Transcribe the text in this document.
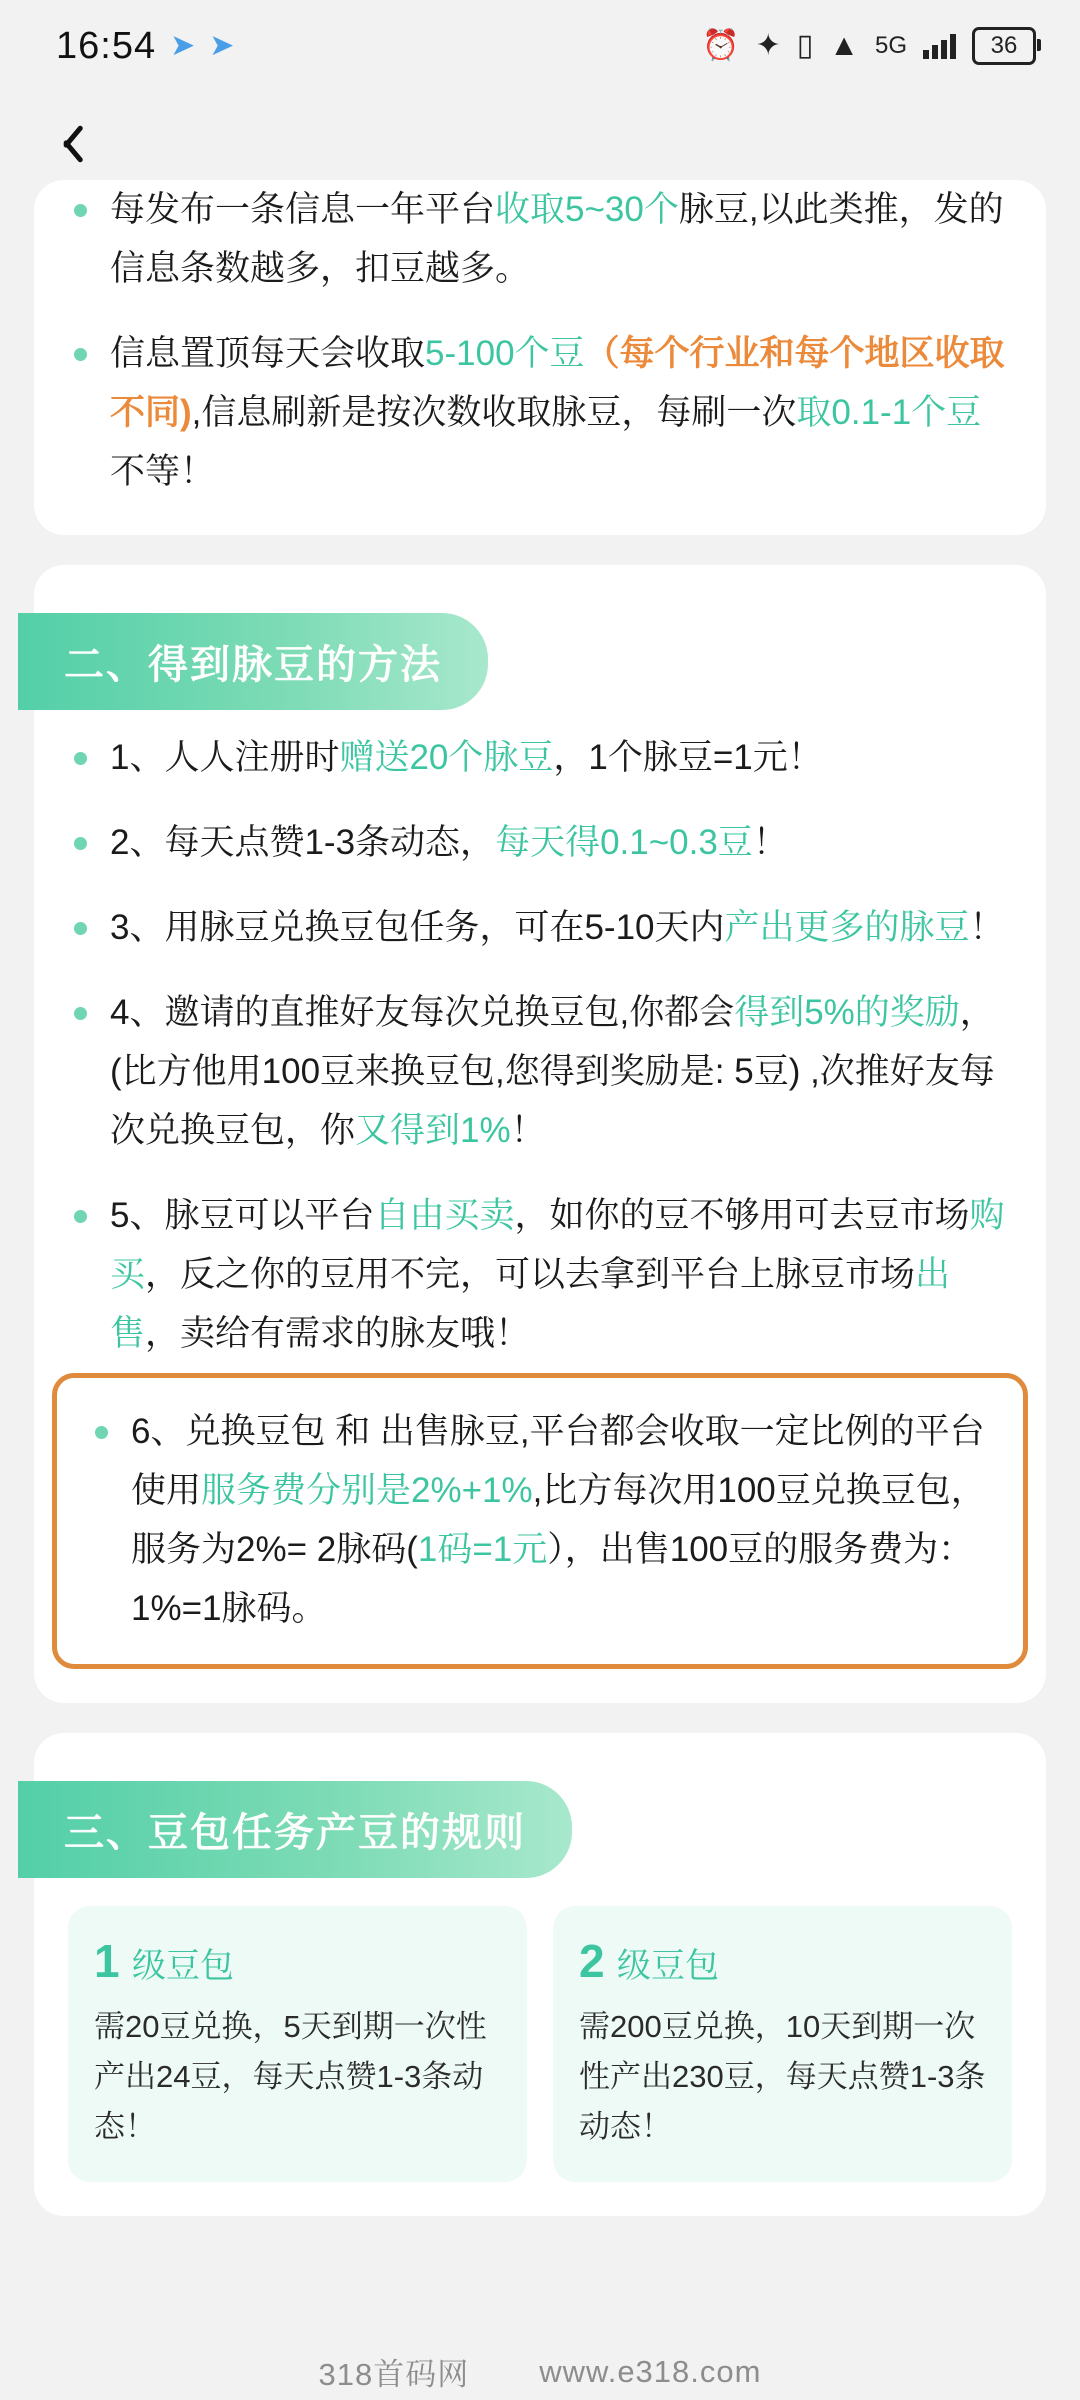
16:54 ➤ ➤	⏰ ✦ ▯ ▲ 5G	36
每发布一条信息一年平台收取5~30个脉豆,以此类推，发的信息条数越多，扣豆越多。
信息置顶每天会收取5-100个豆（每个行业和每个地区收取不同),信息刷新是按次数收取脉豆，每刷一次取0.1-1个豆不等！
二、得到脉豆的方法
1、人人注册时赠送20个脉豆，1个脉豆=1元！
2、每天点赞1-3条动态，每天得0.1~0.3豆！
3、用脉豆兑换豆包任务，可在5-10天内产出更多的脉豆！
4、邀请的直推好友每次兑换豆包,你都会得到5%的奖励，(比方他用100豆来换豆包,您得到奖励是: 5豆) ,次推好友每次兑换豆包，你又得到1%！
5、脉豆可以平台自由买卖，如你的豆不够用可去豆市场购买，反之你的豆用不完，可以去拿到平台上脉豆市场出售，卖给有需求的脉友哦！
6、兑换豆包 和 出售脉豆,平台都会收取一定比例的平台使用服务费分别是2%+1%,比方每次用100豆兑换豆包，服务为2%= 2脉码(1码=1元），出售100豆的服务费为： 1%=1脉码。
三、豆包任务产豆的规则
1 级豆包
需20豆兑换，5天到期一次性产出24豆，每天点赞1-3条动态！
2 级豆包
需200豆兑换，10天到期一次性产出230豆，每天点赞1-3条动态！
318首码网 www.e318.com
